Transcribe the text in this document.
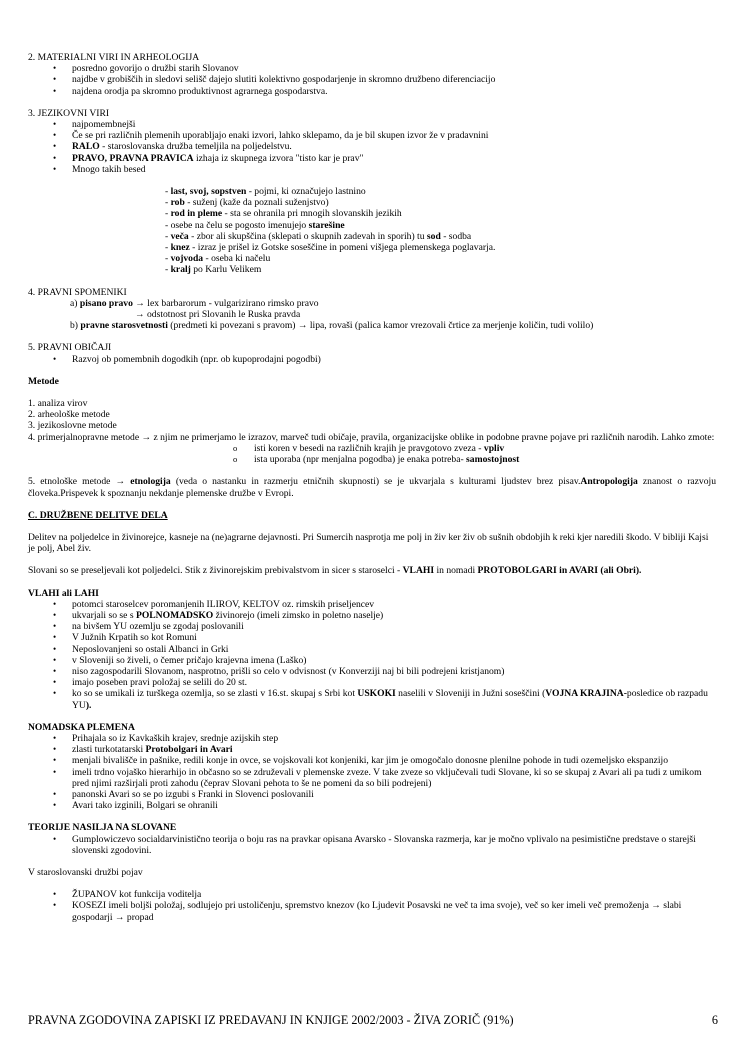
2. MATERIALNI VIRI IN ARHEOLOGIJA

• posredno govorijo o družbi starih Slovanov
• najdbe v grobiščih in sledovi selišč dajejo slutiti kolektivno gospodarjenje in skromno družbeno diferenciacijo
• najdena orodja pa skromno produktivnost agrarnega gospodarstva.

3. JEZIKOVNI VIRI

• najpomembnejši
• Če se pri različnih plemenih uporabljajo enaki izvori, lahko sklepamo, da je bil skupen izvor že v pradavnini
• RALO - staroslovanska družba temeljila na poljedelstvu.
• PRAVO, PRAVNA PRAVICA izhaja iz skupnega izvora "tisto kar je prav"
• Mnogo takih besed

- last, svoj, sopstven - pojmi, ki označujejo lastnino

- rob - suženj (kaže da poznali suženjstvo)

- rod in pleme - sta se ohranila pri mnogih slovanskih jezikih

- osebe na čelu se pogosto imenujejo starešine

- veča - zbor ali skupščina (sklepati o skupnih zadevah in sporih) tu sod - sodba

- knez - izraz je prišel iz Gotske soseščine in pomeni višjega plemenskega poglavarja.

- vojvoda - oseba ki načelu

- kralj po Karlu Velikem

4. PRAVNI SPOMENIKI

a) pisano pravo → lex barbarorum - vulgarizirano rimsko pravo

→ odstotnost pri Slovanih le Ruska pravda

b) pravne starosvetnosti (predmeti ki povezani s pravom) → lipa, rovaši (palica kamor vrezovali črtice za merjenje količin, tudi volilo)

5. PRAVNI OBIČAJI

• Razvoj ob pomembnih dogodkih (npr. ob kupoprodajni pogodbi)

Metode

1. analiza virov

2. arheološke metode

3. jezikoslovne metode

4. primerjalnopravne metode → z njim ne primerjamo le izrazov, marveč tudi običaje, pravila, organizacijske oblike in podobne pravne pojave pri različnih narodih. Lahko zmote:

o isti koren v besedi na različnih krajih je pravgotovo zveza - vpliv
o ista uporaba (npr menjalna pogodba) je enaka potreba- samostojnost

5. etnološke metode → etnologija (veda o nastanku in razmerju etničnih skupnosti) se je ukvarjala s kulturami ljudstev brez pisav.Antropologija znanost o razvoju človeka.Prispevek k spoznanju nekdanje plemenske družbe v Evropi.

C. DRUŽBENE DELITVE DELA

Delitev na poljedelce in živinorejce, kasneje na (ne)agrarne dejavnosti. Pri Sumercih nasprotja me polj in živ ker živ ob sušnih obdobjih k reki kjer naredili škodo. V bibliji Kajsi je polj, Abel živ.

Slovani so se preseljevali kot poljedelci. Stik z živinorejskim prebivalstvom in sicer s staroselci - VLAHI in nomadi PROTOBOLGARI in AVARI (ali Obri).

VLAHI ali LAHI

• potomci staroselcev poromanjenih ILIROV, KELTOV oz. rimskih priseljencev
• ukvarjali so se s POLNOMADSKO živinorejo (imeli zimsko in poletno naselje)
• na bivšem YU ozemlju se zgodaj poslovanili
• V Južnih Krpatih so kot Romuni
• Neposlovanjeni so ostali Albanci in Grki
• v Sloveniji so živeli, o čemer pričajo krajevna imena (Laško)
• niso zagospodarili Slovanom, nasprotno, prišli so celo v odvisnost (v Konverziji naj bi bili podrejeni kristjanom)
• imajo poseben pravi položaj se selili do 20 st.
• ko so se umikali iz turškega ozemlja, so se zlasti v 16.st. skupaj s Srbi kot USKOKI naselili v Sloveniji in Južni soseščini (VOJNA KRAJINA-posledice ob razpadu YU).

NOMADSKA PLEMENA

• Prihajala so iz Kavkaških krajev, srednje azijskih step
• zlasti turkotatarski Protobolgari in Avari
• menjali bivališče in pašnike, redili konje in ovce, se vojskovali kot konjeniki, kar jim je omogočalo donosne plenilne pohode in tudi ozemeljsko ekspanzijo
• imeli trdno vojaško hierarhijo in občasno so se združevali v plemenske zveze. V take zveze so vključevali tudi Slovane, ki so se skupaj z Avari ali pa tudi z umikom pred njimi razširjali proti zahodu (čeprav Slovani pehota to še ne pomeni da so bili podrejeni)
• panonski Avari so se po izgubi s Franki in Slovenci poslovanili
• Avari tako izginili, Bolgari se ohranili

TEORIJE NASILJA NA SLOVANE

• Gumplowiczevo socialdarvinistično teorija o boju ras na pravkar opisana Avarsko - Slovanska razmerja, kar je močno vplivalo na pesimistične predstave o starejši slovenski zgodovini.

V staroslovanski družbi pojav

• ŽUPANOV kot funkcija voditelja
• KOSEZI imeli boljši položaj, sodlujejo pri ustoličenju, spremstvo knezov (ko Ljudevit Posavski ne več ta ima svoje), več so ker imeli več premoženja → slabi gospodarji → propad
PRAVNA ZGODOVINA ZAPISKI IZ PREDAVANJ IN KNJIGE 2002/2003 - ŽIVA ZORIČ (91%)	6
